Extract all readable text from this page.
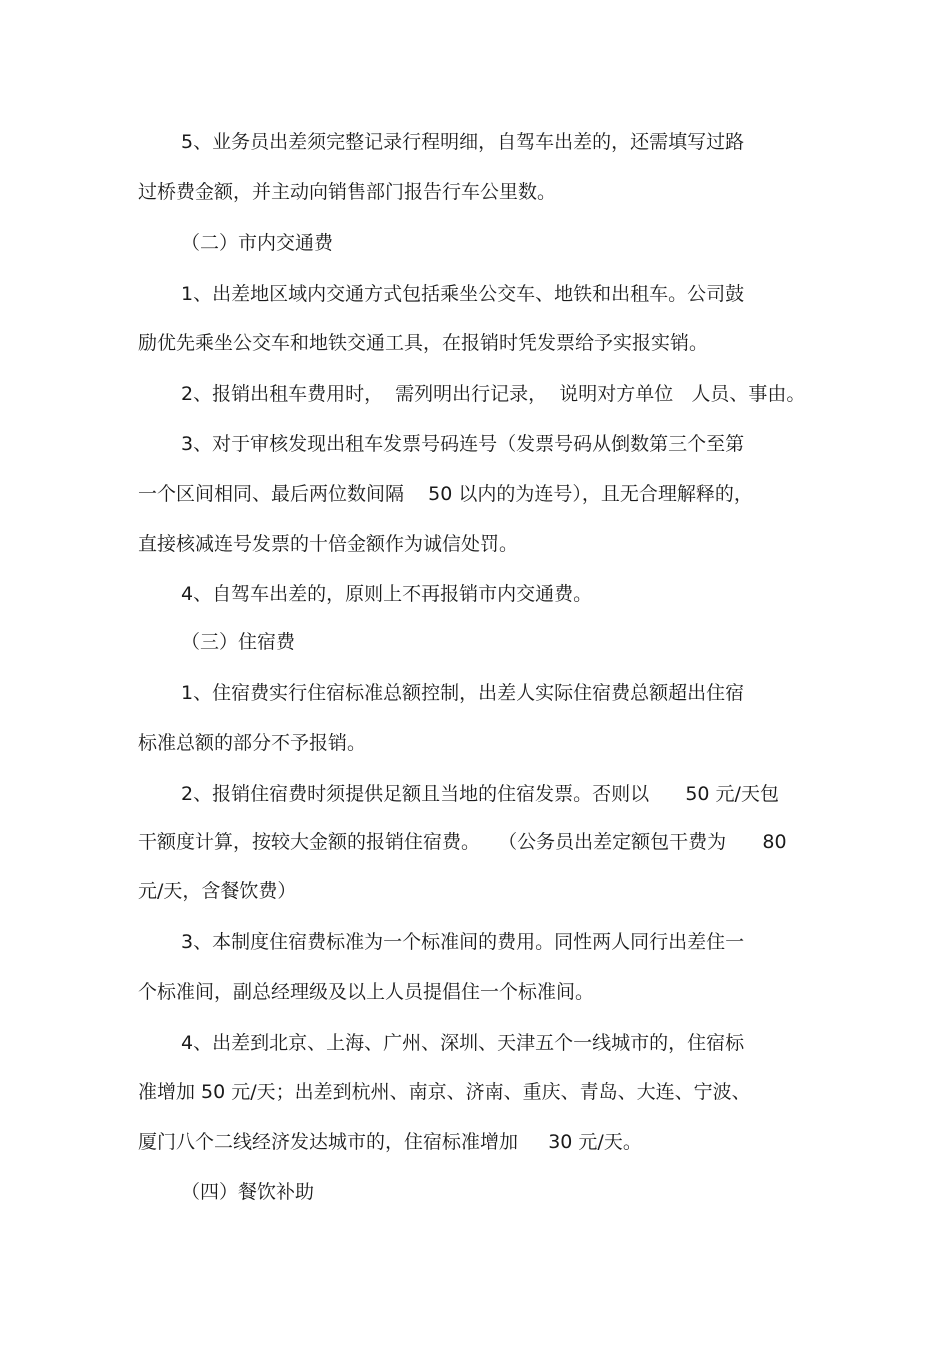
5、业务员出差须完整记录行程明细，自驾车出差的，还需填写过路

过桥费金额，并主动向销售部门报告行车公里数。

（二）市内交通费

1、出差地区域内交通方式包括乘坐公交车、地铁和出租车。公司鼓

励优先乘坐公交车和地铁交通工具，在报销时凭发票给予实报实销。

2、报销出租车费用时，  需列明出行记录，  说明对方单位   人员、事由。

3、对于审核发现出租车发票号码连号（发票号码从倒数第三个至第

一个区间相同、最后两位数间隔    50 以内的为连号），且无合理解释的，

直接核减连号发票的十倍金额作为诚信处罚。

4、自驾车出差的，原则上不再报销市内交通费。

（三）住宿费

1、住宿费实行住宿标准总额控制，出差人实际住宿费总额超出住宿

标准总额的部分不予报销。

2、报销住宿费时须提供足额且当地的住宿发票。否则以      50 元/天包

干额度计算，按较大金额的报销住宿费。   （公务员出差定额包干费为      80

元/天，含餐饮费）

3、本制度住宿费标准为一个标准间的费用。同性两人同行出差住一

个标准间，副总经理级及以上人员提倡住一个标准间。

4、出差到北京、上海、广州、深圳、天津五个一线城市的，住宿标

准增加 50 元/天；出差到杭州、南京、济南、重庆、青岛、大连、宁波、

厦门八个二线经济发达城市的，住宿标准增加     30 元/天。

（四）餐饮补助
